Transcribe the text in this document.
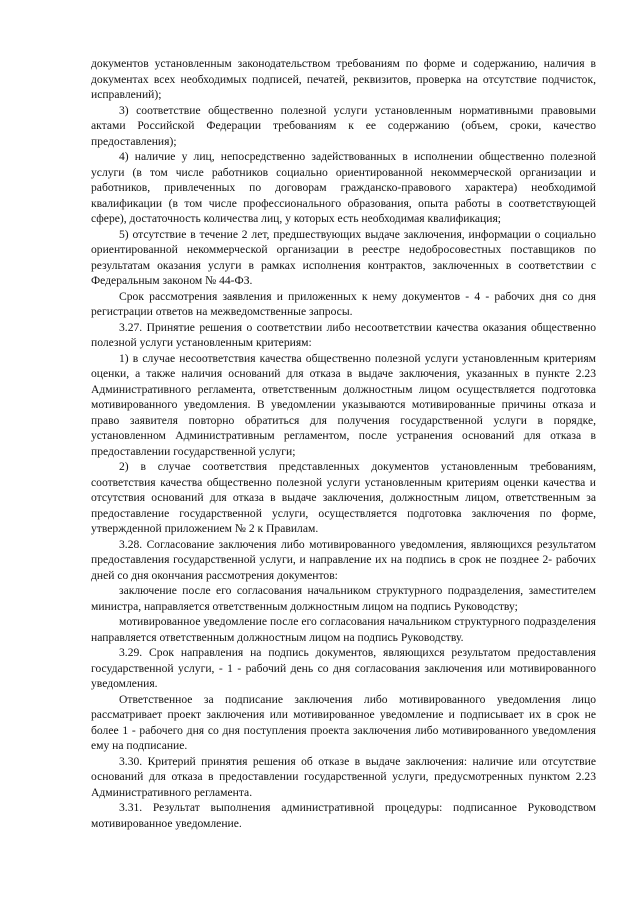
документов установленным законодательством требованиям по форме и содержанию, наличия в документах всех необходимых подписей, печатей, реквизитов, проверка на отсутствие подчисток, исправлений);

3) соответствие общественно полезной услуги установленным нормативными правовыми актами Российской Федерации требованиям к ее содержанию (объем, сроки, качество предоставления);

4) наличие у лиц, непосредственно задействованных в исполнении общественно полезной услуги (в том числе работников социально ориентированной некоммерческой организации и работников, привлеченных по договорам гражданско-правового характера) необходимой квалификации (в том числе профессионального образования, опыта работы в соответствующей сфере), достаточность количества лиц, у которых есть необходимая квалификация;

5) отсутствие в течение 2 лет, предшествующих выдаче заключения, информации о социально ориентированной некоммерческой организации в реестре недобросовестных поставщиков по результатам оказания услуги в рамках исполнения контрактов, заключенных в соответствии с Федеральным законом № 44-ФЗ.

Срок рассмотрения заявления и приложенных к нему документов - 4 - рабочих дня со дня регистрации ответов на межведомственные запросы.

3.27. Принятие решения о соответствии либо несоответствии качества оказания общественно полезной услуги установленным критериям:

1) в случае несоответствия качества общественно полезной услуги установленным критериям оценки, а также наличия оснований для отказа в выдаче заключения, указанных в пункте 2.23 Административного регламента, ответственным должностным лицом осуществляется подготовка мотивированного уведомления. В уведомлении указываются мотивированные причины отказа и право заявителя повторно обратиться для получения государственной услуги в порядке, установленном Административным регламентом, после устранения оснований для отказа в предоставлении государственной услуги;

2) в случае соответствия представленных документов установленным требованиям, соответствия качества общественно полезной услуги установленным критериям оценки качества и отсутствия оснований для отказа в выдаче заключения, должностным лицом, ответственным за предоставление государственной услуги, осуществляется подготовка заключения по форме, утвержденной приложением № 2 к Правилам.

3.28. Согласование заключения либо мотивированного уведомления, являющихся результатом предоставления государственной услуги, и направление их на подпись в срок не позднее 2- рабочих дней со дня окончания рассмотрения документов:

заключение после его согласования начальником структурного подразделения, заместителем министра, направляется ответственным должностным лицом на подпись Руководству;

мотивированное уведомление после его согласования начальником структурного подразделения направляется ответственным должностным лицом на подпись Руководству.

3.29. Срок направления на подпись документов, являющихся результатом предоставления государственной услуги, - 1 - рабочий день со дня согласования заключения или мотивированного уведомления.

Ответственное за подписание заключения либо мотивированного уведомления лицо рассматривает проект заключения или мотивированное уведомление и подписывает их в срок не более 1 - рабочего дня со дня поступления проекта заключения либо мотивированного уведомления ему на подписание.

3.30. Критерий принятия решения об отказе в выдаче заключения: наличие или отсутствие оснований для отказа в предоставлении государственной услуги, предусмотренных пунктом 2.23 Административного регламента.

3.31. Результат выполнения административной процедуры: подписанное Руководством мотивированное уведомление.
